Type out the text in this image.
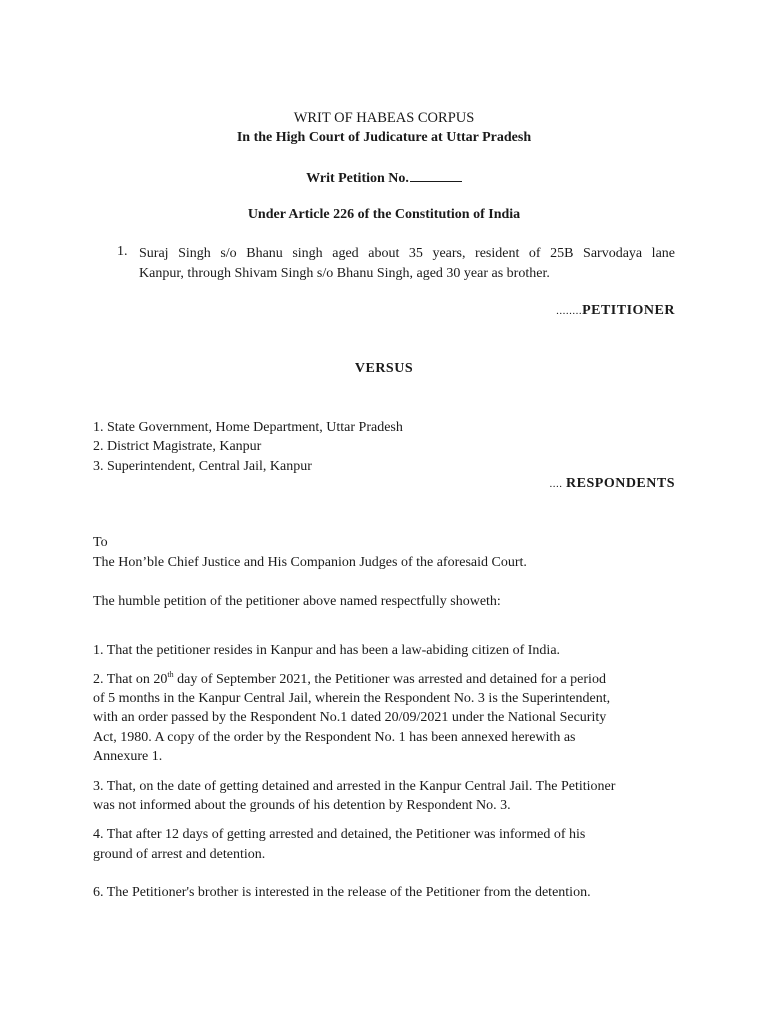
WRIT OF HABEAS CORPUS
In the High Court of Judicature at Uttar Pradesh
Writ Petition No.
Under Article 226 of the Constitution of India
1. Suraj Singh s/o Bhanu singh aged about 35 years, resident of 25B Sarvodaya lane
Kanpur, through Shivam Singh s/o Bhanu Singh, aged 30 year as brother.
........PETITIONER
VERSUS
1. State Government, Home Department, Uttar Pradesh
2. District Magistrate, Kanpur
3. Superintendent, Central Jail, Kanpur
.... RESPONDENTS
To
The Hon’ble Chief Justice and His Companion Judges of the aforesaid Court.
The humble petition of the petitioner above named respectfully showeth:
1. That the petitioner resides in Kanpur and has been a law-abiding citizen of India.
2. That on 20th day of September 2021, the Petitioner was arrested and detained for a period
of 5 months in the Kanpur Central Jail, wherein the Respondent No. 3 is the Superintendent,
with an order passed by the Respondent No.1 dated 20/09/2021 under the National Security
Act, 1980. A copy of the order by the Respondent No. 1 has been annexed herewith as
Annexure 1.
3. That, on the date of getting detained and arrested in the Kanpur Central Jail. The Petitioner
was not informed about the grounds of his detention by Respondent No. 3.
4. That after 12 days of getting arrested and detained, the Petitioner was informed of his
ground of arrest and detention.
6. The Petitioner's brother is interested in the release of the Petitioner from the detention.
